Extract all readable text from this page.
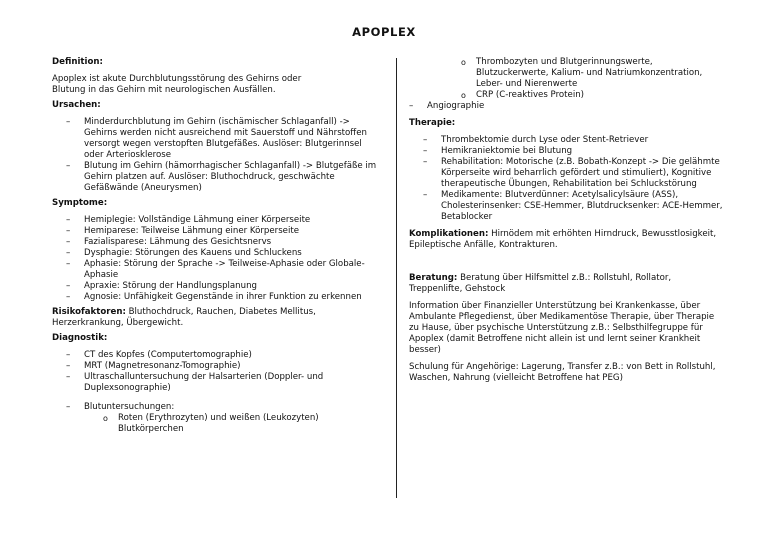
APOPLEX

Definition:

Apoplex ist akute Durchblutungsstörung des Gehirns oder Blutung in das Gehirn mit neurologischen Ausfällen.

Ursachen:

– Minderdurchblutung im Gehirn (ischämischer Schlaganfall) -> Gehirns werden nicht ausreichend mit Sauerstoff und Nährstoffen versorgt wegen verstopften Blutgefäßes. Auslöser: Blutgerinnsel oder Arteriosklerose
– Blutung im Gehirn (hämorrhagischer Schlaganfall) -> Blutgefäße im Gehirn platzen auf. Auslöser: Bluthochdruck, geschwächte Gefäßwände (Aneurysmen)

Symptome:

– Hemiplegie: Vollständige Lähmung einer Körperseite
– Hemiparese: Teilweise Lähmung einer Körperseite
– Fazialisparese: Lähmung des Gesichtsnervs
– Dysphagie: Störungen des Kauens und Schluckens
– Aphasie: Störung der Sprache -> Teilweise-Aphasie oder Globale-Aphasie
– Apraxie: Störung der Handlungsplanung
– Agnosie: Unfähigkeit Gegenstände in ihrer Funktion zu erkennen

Risikofaktoren: Bluthochdruck, Rauchen, Diabetes Mellitus, Herzerkrankung, Übergewicht.

Diagnostik:

– CT des Kopfes (Computertomographie)
– MRT (Magnetresonanz-Tomographie)
– Ultraschalluntersuchung der Halsarterien (Doppler- und Duplexsonographie)
– Blutuntersuchungen:
o Roten (Erythrozyten) und weißen (Leukozyten) Blutkörperchen
o Thrombozyten und Blutgerinnungswerte, Blutzuckerwerte, Kalium- und Natriumkonzentration, Leber- und Nierenwerte
o CRP (C-reaktives Protein)
– Angiographie

Therapie:

– Thrombektomie durch Lyse oder Stent-Retriever
– Hemikraniektomie bei Blutung
– Rehabilitation: Motorische (z.B. Bobath-Konzept -> Die gelähmte Körperseite wird beharrlich gefördert und stimuliert), Kognitive therapeutische Übungen, Rehabilitation bei Schluckstörung
– Medikamente: Blutverdünner: Acetylsalicylsäure (ASS), Cholesterinsenker: CSE-Hemmer, Blutdrucksenker: ACE-Hemmer, Betablocker

Komplikationen: Hirnödem mit erhöhten Hirndruck, Bewusstlosigkeit, Epileptische Anfälle, Kontrakturen.

Beratung: Beratung über Hilfsmittel z.B.: Rollstuhl, Rollator, Treppenlifte, Gehstock

Information über Finanzieller Unterstützung bei Krankenkasse, über Ambulante Pflegedienst, über Medikamentöse Therapie, über Therapie zu Hause, über psychische Unterstützung z.B.: Selbsthilfegruppe für Apoplex (damit Betroffene nicht allein ist und lernt seiner Krankheit besser)

Schulung für Angehörige: Lagerung, Transfer z.B.: von Bett in Rollstuhl, Waschen, Nahrung (vielleicht Betroffene hat PEG)
